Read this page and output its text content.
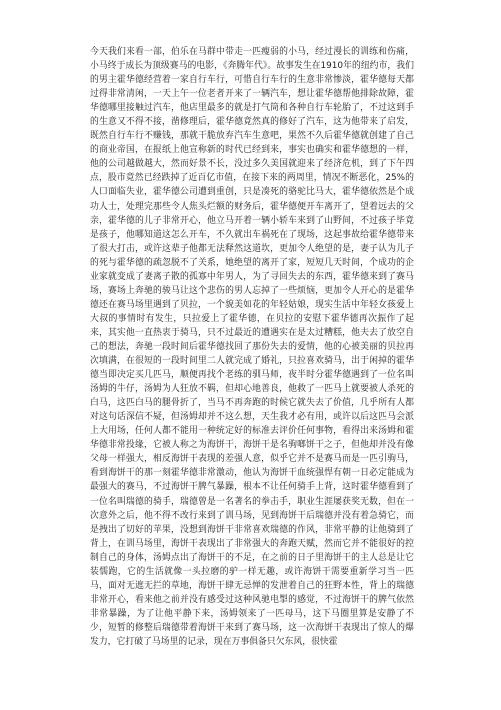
今天我们来看一部，伯乐在马群中带走一匹瘦弱的小马，经过漫长的训练和伤痛，小马终于成长为顶级赛马的电影，《奔腾年代》。故事发生在1910年的纽约市，我们的男主霍华德经营着一家自行车行，可惜自行车行的生意非常惨淡，霍华德每天都过得非常清闲，一天上午一位老者开来了一辆汽车，想让霍华德帮他排除故障，霍华德哪里接触过汽车，他店里最多的就是打气筒和各种自行车轮胎了，不过这到手的生意又不得不接，凿修理后，霍华德竟然真的修好了汽车，这为他带来了启发，既然自行车行不赚钱，那就干脆放弃汽车生意吧，果然不久后霍华德就创建了自己的商业帝国，在报纸上他宣称新的时代已经到来，事实也确实和霍华德想的一样，他的公司越做越大，然而好景不长，没过多久美国就迎来了经济危机，到了下午四点，股市竟然已经跌掉了近百亿市值，在接下来的两周里，情况不断恶化，25%的人口面临失业，霍华德公司遭到重创，只是凑死的骆驼比马大，霍华德依然是个成功人士，处理完那些令人焦头烂额的财务后，霍华德便开车离开了，望着远去的父亲，霍华德的儿子非常开心，他立马开着一辆小轿车来到了山野间，不过孩子毕竟是孩子，他哪知道这怎么开车，不久就出车祸死在了现场，这起事故给霍华德带来了很大打击，或许这辈子他都无法释然这道坎，更加令人绝望的是，妻子认为儿子的死与霍华德的疏忽脱不了关系，她绝望的离开了家，短短几天时间，个成功的企业家就变成了妻离子散的孤寡中年男人，为了寻回失去的东西，霍华德来到了赛马场，赛场上奔驰的骏马让这个悲伤的男人忘掉了一些烦恼，更加令人开心的是霍华德还在赛马场里遇到了贝拉，一个貌美如花的年轻姑娘，现实生活中年轻女孩爱上大叔的事情时有发生，只拉爱上了霍华德，在贝拉的安慰下霍华德再次振作了起来，其实他一直热衷于骑马，只不过最近的遭遇实在是太过糟糕，他夫去了放空自己的想法，奔驰一段时间后霍华德找回了那份失去的爱情，他的心被美丽的贝拉再次填满，在很短的一段时间里二人就完成了婚礼，只拉喜欢骑马，出于闲掉的霍华德当即决定买几匹马，顺便再找个老练的驯马师，夜半时分霍华德遇到了一位名叫汤姆的牛仔，汤姆为人狂放不羁，但却心地善良，他救了一匹马上就要被人杀死的白马，这匹白马的腿骨折了，当马不再奔跑的时候它就失去了价值，几乎所有人都对这句话深信不疑，但汤姆却并不这么想，天生我才必有用，或许以后这匹马会派上大用场，任何人都不能用一种统定好的标准去评价任何事物，看得出来汤姆和霍华德非常投缘，它被人称之为海饼干，海饼干是名驹啷饼干之子，但他却并没有像父母一样强大，相反海饼干表现的差强人意，似乎它并不是赛马而是一匹引驹马，看到海饼干的那一刻霍华德非常激动，他认为海饼干血统强悍有朝一日必定能成为最强大的赛马，不过海饼干脾气暴躁，根本不让任何骑手上背，这时霍华德看到了一位名叫瑞德的骑手，瑞德曾是一名著名的拳击手，职业生涯屡获奖无数，但在一次意外之后，他不得不改行来到了训马场，见到海饼干后瑞德并没有着急骑它，而是拽出了切好的苹果，没想到海饼干非常喜欢瑞德的作风，非常平静的让他骑到了背上，在训马场里，海饼干表现出了非常强大的奔跑天赋，然而它并不能很好的控制自己的身体，汤姆点出了海饼干的不足，在之前的日子里海饼干的主人总是让它装懦跑，它的生活就像一头拉磨的驴一样无趣，或许海饼干需要重新学习当一匹马，面对无遮无拦的草地，海饼干肆无忌惮的发泄着自己的狂野本性，背上的瑞德非常开心，看来他之前并没有感受过这种风驰电掣的感觉，不过海饼干的脾气依然非常暴躁，为了让他平静下来，汤姆领来了一匹母马，这下马圈里算是安静了不少，短暂的修整后瑞德带着海饼干来到了赛马场，这一次海饼干表现出了惊人的爆发力，它打破了马场里的记录，现在万事俱备只欠东风，很快霍
